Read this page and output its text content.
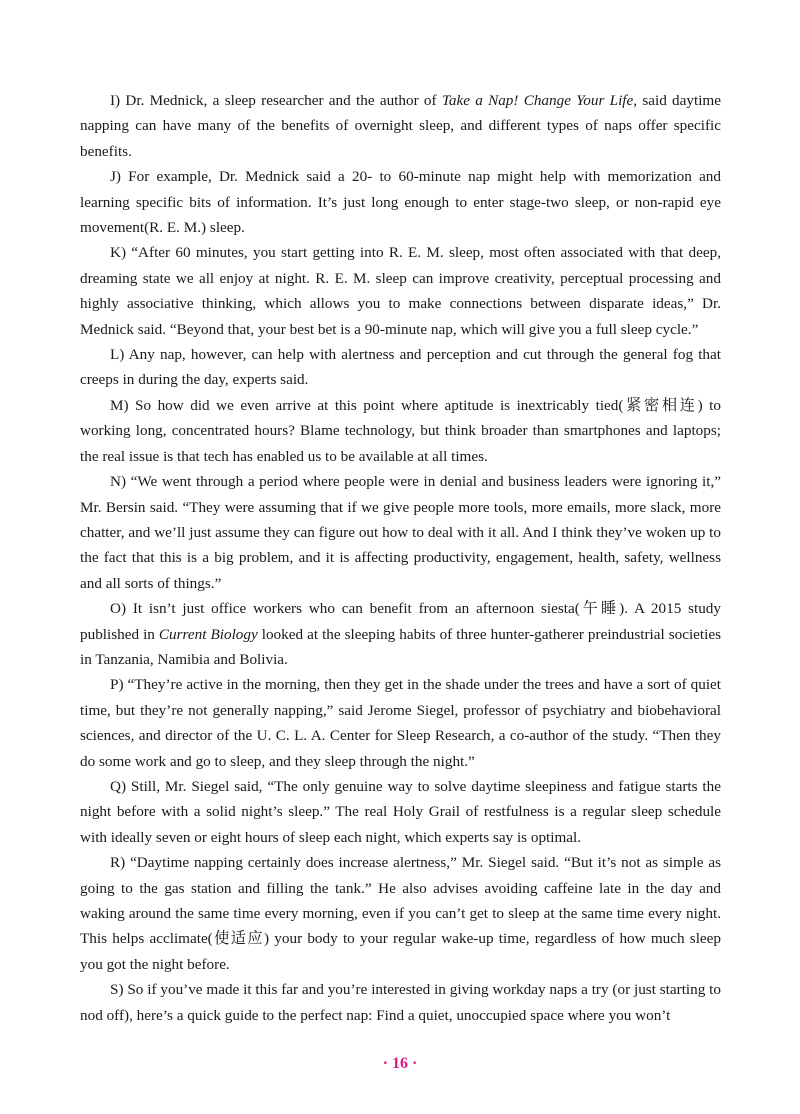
I) Dr. Mednick, a sleep researcher and the author of Take a Nap! Change Your Life, said daytime napping can have many of the benefits of overnight sleep, and different types of naps offer specific benefits.

J) For example, Dr. Mednick said a 20- to 60-minute nap might help with memorization and learning specific bits of information. It’s just long enough to enter stage-two sleep, or non-rapid eye movement(R. E. M.) sleep.

K) “After 60 minutes, you start getting into R. E. M. sleep, most often associated with that deep, dreaming state we all enjoy at night. R. E. M. sleep can improve creativity, perceptual processing and highly associative thinking, which allows you to make connections between disparate ideas,” Dr. Mednick said. “Beyond that, your best bet is a 90-minute nap, which will give you a full sleep cycle.”

L) Any nap, however, can help with alertness and perception and cut through the general fog that creeps in during the day, experts said.

M) So how did we even arrive at this point where aptitude is inextricably tied(紧密相连) to working long, concentrated hours? Blame technology, but think broader than smartphones and laptops; the real issue is that tech has enabled us to be available at all times.

N) “We went through a period where people were in denial and business leaders were ignoring it,” Mr. Bersin said. “They were assuming that if we give people more tools, more emails, more slack, more chatter, and we’ll just assume they can figure out how to deal with it all. And I think they’ve woken up to the fact that this is a big problem, and it is affecting productivity, engagement, health, safety, wellness and all sorts of things.”

O) It isn’t just office workers who can benefit from an afternoon siesta(午睡). A 2015 study published in Current Biology looked at the sleeping habits of three hunter-gatherer preindustrial societies in Tanzania, Namibia and Bolivia.

P) “They’re active in the morning, then they get in the shade under the trees and have a sort of quiet time, but they’re not generally napping,” said Jerome Siegel, professor of psychiatry and biobehavioral sciences, and director of the U. C. L. A. Center for Sleep Research, a co-author of the study. “Then they do some work and go to sleep, and they sleep through the night.”

Q) Still, Mr. Siegel said, “The only genuine way to solve daytime sleepiness and fatigue starts the night before with a solid night’s sleep.” The real Holy Grail of restfulness is a regular sleep schedule with ideally seven or eight hours of sleep each night, which experts say is optimal.

R) “Daytime napping certainly does increase alertness,” Mr. Siegel said. “But it’s not as simple as going to the gas station and filling the tank.” He also advises avoiding caffeine late in the day and waking around the same time every morning, even if you can’t get to sleep at the same time every night. This helps acclimate(使适应) your body to your regular wake-up time, regardless of how much sleep you got the night before.

S) So if you’ve made it this far and you’re interested in giving workday naps a try (or just starting to nod off), here’s a quick guide to the perfect nap: Find a quiet, unoccupied space where you won’t

· 16 ·
